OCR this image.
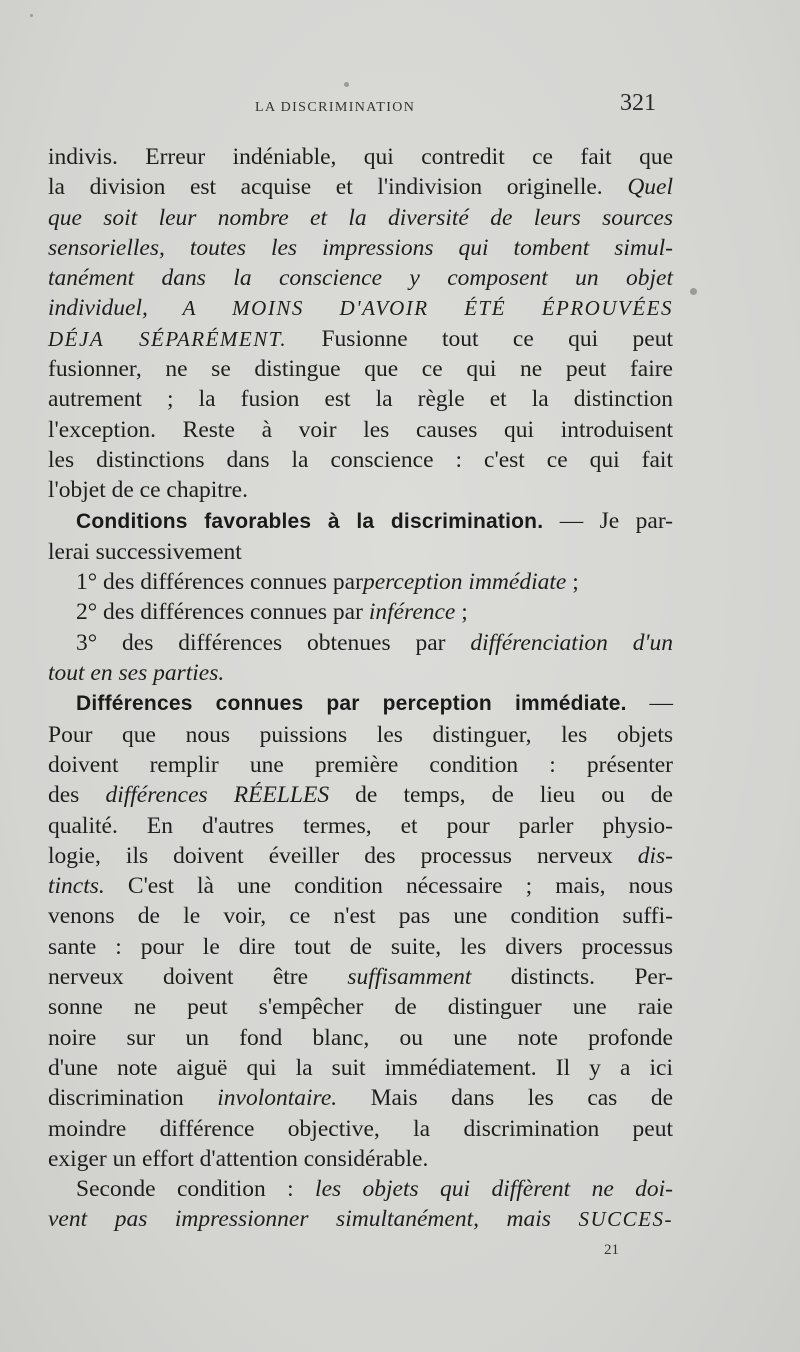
LA DISCRIMINATION	321
indivis. Erreur indéniable, qui contredit ce fait que
la division est acquise et l'indivision originelle. Quel
que soit leur nombre et la diversité de leurs sources
sensorielles, toutes les impressions qui tombent simul-
tanément dans la conscience y composent un objet
individuel, A MOINS D'AVOIR ÉTÉ ÉPROUVÉES
DÉJA SÉPARÉMENT. Fusionne tout ce qui peut
fusionner, ne se distingue que ce qui ne peut faire
autrement ; la fusion est la règle et la distinction
l'exception. Reste à voir les causes qui introduisent
les distinctions dans la conscience : c'est ce qui fait
l'objet de ce chapitre.
Conditions favorables à la discrimination. — Je par-
lerai successivement
1° des différences connues parperception immédiate ;
2° des différences connues par inférence ;
3° des différences obtenues par différenciation d'un
tout en ses parties.
Différences connues par perception immédiate. —
Pour que nous puissions les distinguer, les objets
doivent remplir une première condition : présenter
des différences RÉELLES de temps, de lieu ou de
qualité. En d'autres termes, et pour parler physio-
logie, ils doivent éveiller des processus nerveux dis-
tincts. C'est là une condition nécessaire ; mais, nous
venons de le voir, ce n'est pas une condition suffi-
sante : pour le dire tout de suite, les divers processus
nerveux doivent être suffisamment distincts. Per-
sonne ne peut s'empêcher de distinguer une raie
noire sur un fond blanc, ou une note profonde
d'une note aiguë qui la suit immédiatement. Il y a ici
discrimination involontaire. Mais dans les cas de
moindre différence objective, la discrimination peut
exiger un effort d'attention considérable.
Seconde condition : les objets qui diffèrent ne doi-
vent pas impressionner simultanément, mais SUCCES-
21
